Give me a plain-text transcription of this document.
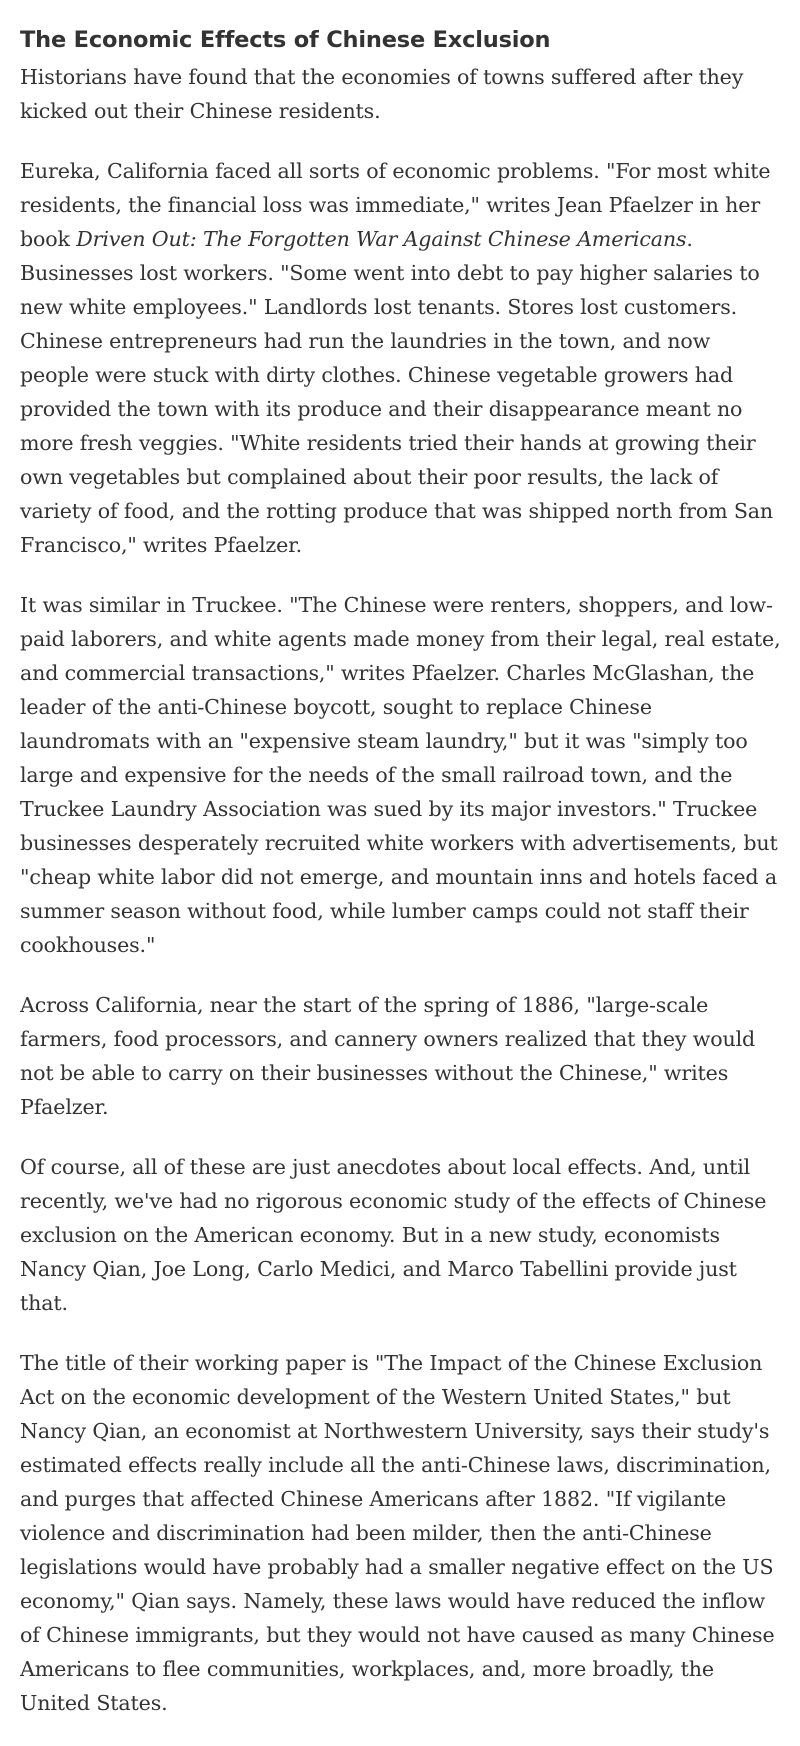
The Economic Effects of Chinese Exclusion

Historians have found that the economies of towns suffered after they kicked out their Chinese residents.

Eureka, California faced all sorts of economic problems. "For most white residents, the financial loss was immediate," writes Jean Pfaelzer in her book Driven Out: The Forgotten War Against Chinese Americans. Businesses lost workers. "Some went into debt to pay higher salaries to new white employees." Landlords lost tenants. Stores lost customers. Chinese entrepreneurs had run the laundries in the town, and now people were stuck with dirty clothes. Chinese vegetable growers had provided the town with its produce and their disappearance meant no more fresh veggies. "White residents tried their hands at growing their own vegetables but complained about their poor results, the lack of variety of food, and the rotting produce that was shipped north from San Francisco," writes Pfaelzer.

It was similar in Truckee. "The Chinese were renters, shoppers, and low-paid laborers, and white agents made money from their legal, real estate, and commercial transactions," writes Pfaelzer. Charles McGlashan, the leader of the anti-Chinese boycott, sought to replace Chinese laundromats with an "expensive steam laundry," but it was "simply too large and expensive for the needs of the small railroad town, and the Truckee Laundry Association was sued by its major investors." Truckee businesses desperately recruited white workers with advertisements, but "cheap white labor did not emerge, and mountain inns and hotels faced a summer season without food, while lumber camps could not staff their cookhouses."

Across California, near the start of the spring of 1886, "large-scale farmers, food processors, and cannery owners realized that they would not be able to carry on their businesses without the Chinese," writes Pfaelzer.

Of course, all of these are just anecdotes about local effects. And, until recently, we've had no rigorous economic study of the effects of Chinese exclusion on the American economy. But in a new study, economists Nancy Qian, Joe Long, Carlo Medici, and Marco Tabellini provide just that.

The title of their working paper is "The Impact of the Chinese Exclusion Act on the economic development of the Western United States," but Nancy Qian, an economist at Northwestern University, says their study's estimated effects really include all the anti-Chinese laws, discrimination, and purges that affected Chinese Americans after 1882. "If vigilante violence and discrimination had been milder, then the anti-Chinese legislations would have probably had a smaller negative effect on the US economy," Qian says. Namely, these laws would have reduced the inflow of Chinese immigrants, but they would not have caused as many Chinese Americans to flee communities, workplaces, and, more broadly, the United States.
